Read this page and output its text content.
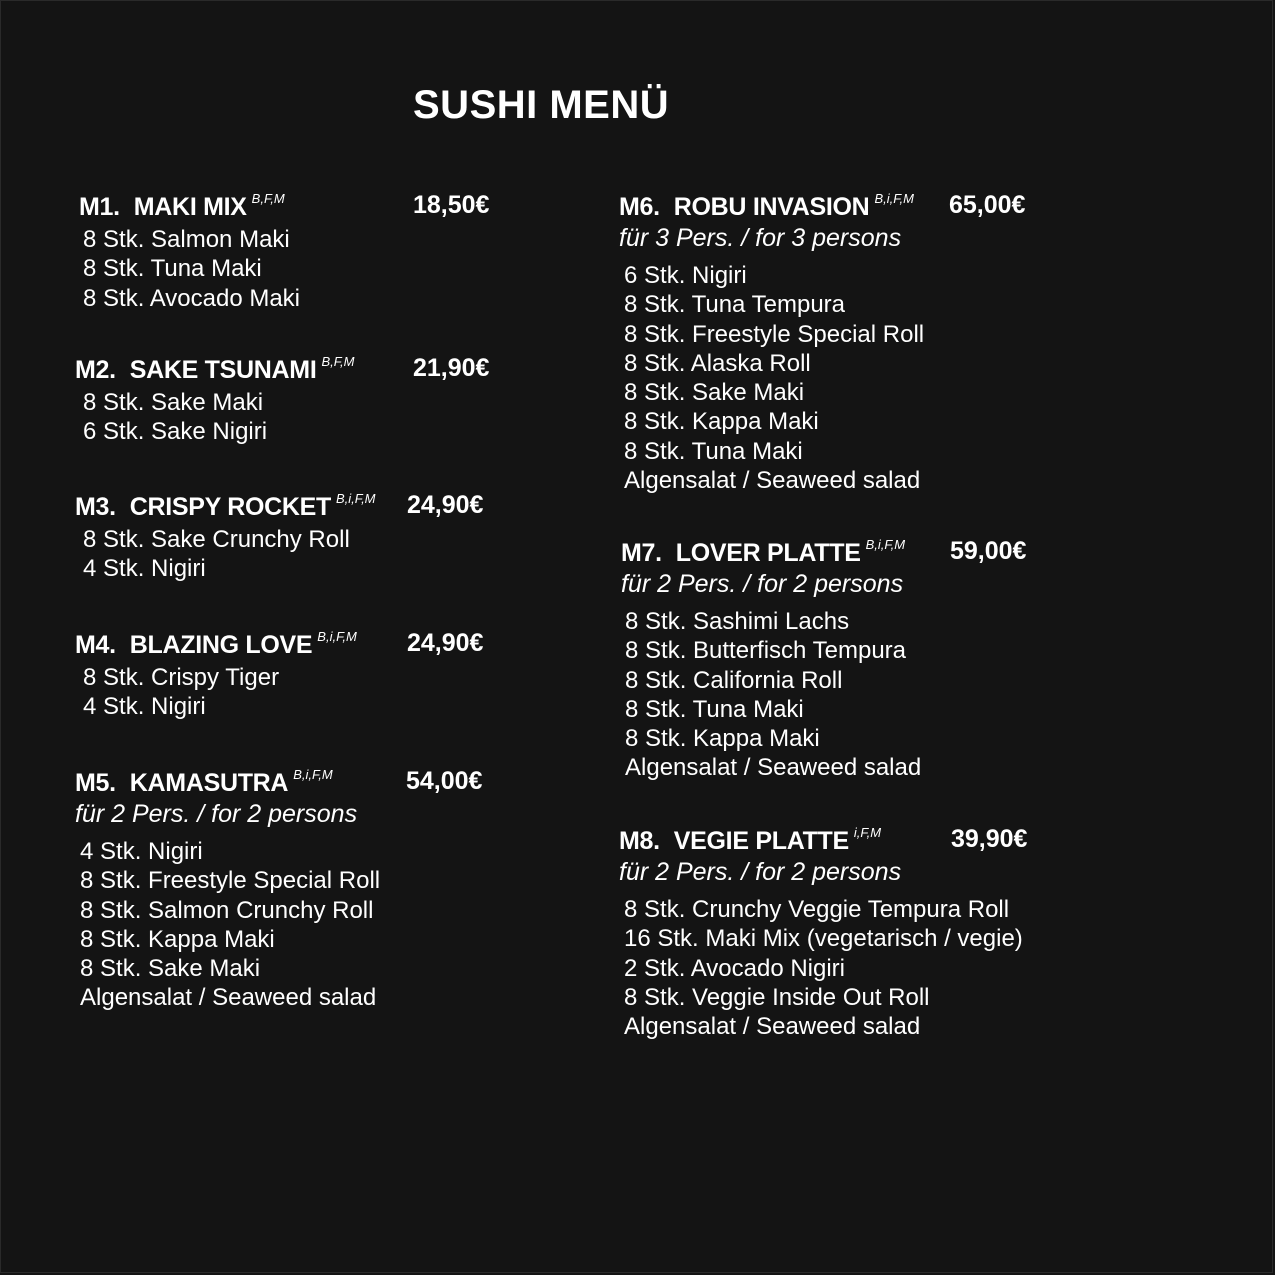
SUSHI MENÜ
M1. MAKI MIX $^{B,F,M}$	18,50€
8 Stk. Salmon Maki
8 Stk. Tuna Maki
8 Stk. Avocado Maki
M2. SAKE TSUNAMI $^{B,F,M}$ 21,90€
8 Stk. Sake Maki
6 Stk. Sake Nigiri
M3. CRISPY ROCKET $^{B,i,F,M}$ 24,90€
8 Stk. Sake Crunchy Roll
4 Stk. Nigiri
M4. BLAZING LOVE $^{B,i,F,M}$ 24,90€
8 Stk. Crispy Tiger
4 Stk. Nigiri
M5. KAMASUTRA $^{B,i,F,M}$	54,00€
für 2 Pers. / for 2 persons
4 Stk. Nigiri
8 Stk. Freestyle Special Roll
8 Stk. Salmon Crunchy Roll
8 Stk. Kappa Maki
8 Stk. Sake Maki
Algensalat / Seaweed salad
M6. ROBU INVASION $^{B,i,F,M}$ 65,00€
für 3 Pers. / for 3 persons
6 Stk. Nigiri
8 Stk. Tuna Tempura
8 Stk. Freestyle Special Roll
8 Stk. Alaska Roll
8 Stk. Sake Maki
8 Stk. Kappa Maki
8 Stk. Tuna Maki
Algensalat / Seaweed salad
M7. LOVER PLATTE $^{B,i,F,M}$ 59,00€
für 2 Pers. / for 2 persons
8 Stk. Sashimi Lachs
8 Stk. Butterfisch Tempura
8 Stk. California Roll
8 Stk. Tuna Maki
8 Stk. Kappa Maki
Algensalat / Seaweed salad
M8. VEGIE PLATTE $^{i,F,M}$	39,90€
für 2 Pers. / for 2 persons
8 Stk. Crunchy Veggie Tempura Roll
16 Stk. Maki Mix (vegetarisch / vegie)
2 Stk. Avocado Nigiri
8 Stk. Veggie Inside Out Roll
Algensalat / Seaweed salad
